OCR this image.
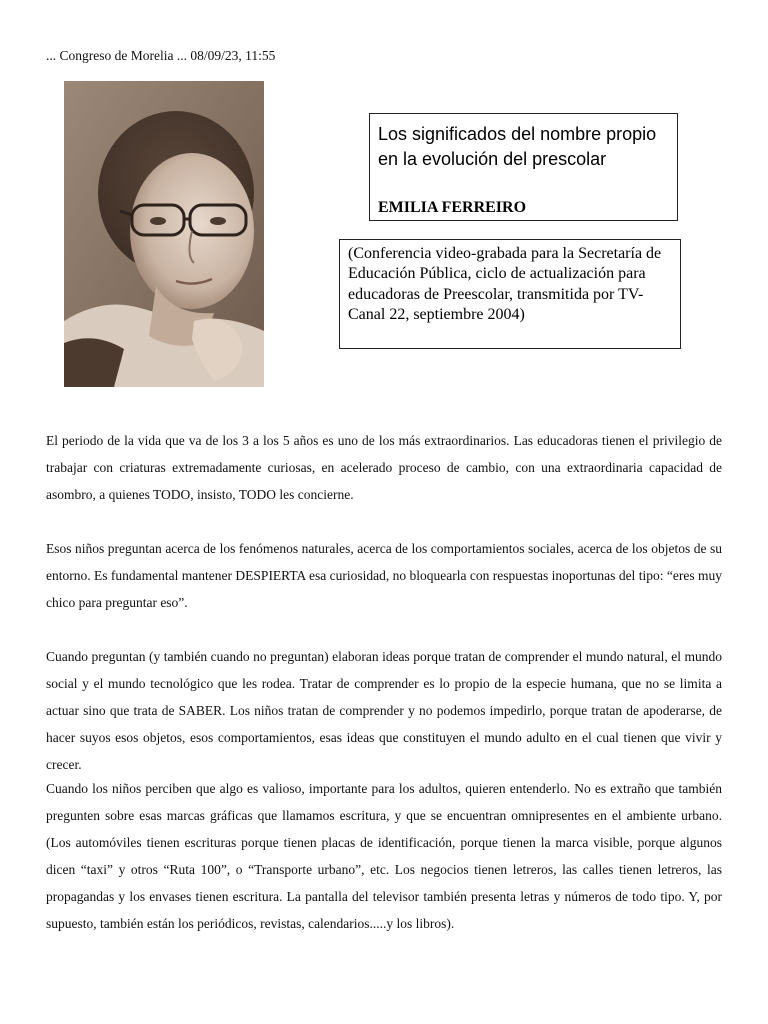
... Congreso de Morelia ... 08/09/23, 11:55
Los significados del nombre propio
en la evolución del prescolar
EMILIA FERREIRO
(Conferencia video-grabada para la Secretaría de Educación Pública, ciclo de actualización para educadoras de Preescolar, transmitida por TV-Canal 22, septiembre 2004)

El periodo de la vida que va de los 3 a los 5 años es uno de los más extraordinarios. Las educadoras tienen el privilegio de trabajar con criaturas extremadamente curiosas, en acelerado proceso de cambio, con una extraordinaria capacidad de asombro, a quienes TODO, insisto, TODO les concierne.

Esos niños preguntan acerca de los fenómenos naturales, acerca de los comportamientos sociales, acerca de los objetos de su entorno. Es fundamental mantener DESPIERTA esa curiosidad, no bloquearla con respuestas inoportunas del tipo: “eres muy chico para preguntar eso”.

Cuando preguntan (y también cuando no preguntan) elaboran ideas porque tratan de comprender el mundo natural, el mundo social y el mundo tecnológico que les rodea. Tratar de comprender es lo propio de la especie humana, que no se limita a actuar sino que trata de SABER. Los niños tratan de comprender y no podemos impedirlo, porque tratan de apoderarse, de hacer suyos esos objetos, esos comportamientos, esas ideas que constituyen el mundo adulto en el cual tienen que vivir y crecer.

Cuando los niños perciben que algo es valioso, importante para los adultos, quieren entenderlo. No es extraño que también pregunten sobre esas marcas gráficas que llamamos escritura, y que se encuentran omnipresentes en el ambiente urbano. (Los automóviles tienen escrituras porque tienen placas de identificación, porque tienen la marca visible, porque algunos dicen “taxi” y otros “Ruta 100”, o “Transporte urbano”, etc. Los negocios tienen letreros, las calles tienen letreros, las propagandas y los envases tienen escritura. La pantalla del televisor también presenta letras y números de todo tipo. Y, por supuesto, también están los periódicos, revistas, calendarios.....y los libros).
